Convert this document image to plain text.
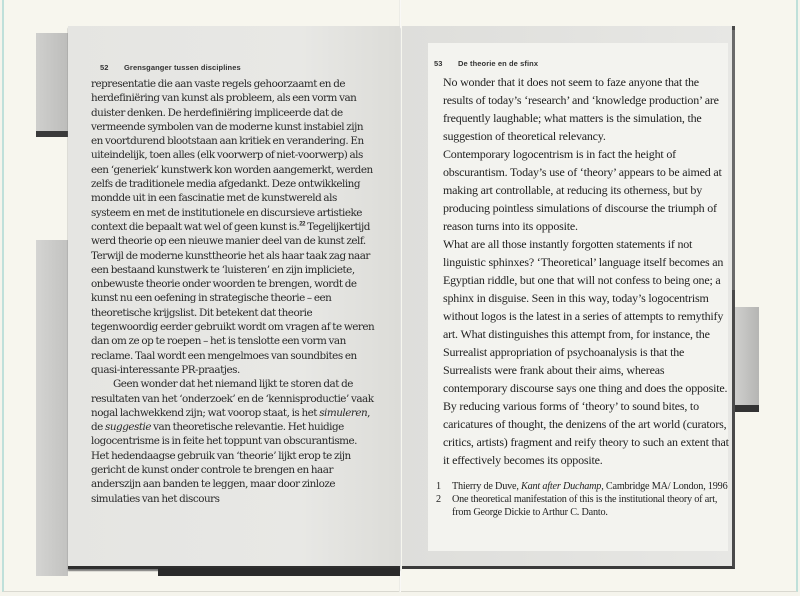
52 Grensganger tussen disciplines

representatie die aan vaste regels gehoorzaamt en de herdefiniëring van kunst als probleem, als een vorm van duister denken. De herdefiniëring impliceerde dat de vermeende symbolen van de moderne kunst instabiel zijn en voortdurend blootstaan aan kritiek en verandering. En uiteindelijk, toen alles (elk voorwerp of niet-voorwerp) als een ‘generiek’ kunstwerk kon worden aangemerkt, werden zelfs de traditionele media afgedankt. Deze ontwikkeling mondde uit in een fascinatie met de kunstwereld als systeem en met de institutionele en discursieve artistieke context die bepaalt wat wel of geen kunst is.$^{22}$ Tegelijkertijd werd theorie op een nieuwe manier deel van de kunst zelf. Terwijl de moderne kunsttheorie het als haar taak zag naar een bestaand kunstwerk te ‘luisteren’ en zijn impliciete, onbewuste theorie onder woorden te brengen, wordt de kunst nu een oefening in strategische theorie – een theoretische krijgslist. Dit betekent dat theorie tegenwoordig eerder gebruikt wordt om vragen af te weren dan om ze op te roepen – het is tenslotte een vorm van reclame. Taal wordt een mengelmoes van soundbites en quasi-interessante PR-praatjes.

Geen wonder dat het niemand lijkt te storen dat de resultaten van het ‘onderzoek’ en de ‘kennisproductie’ vaak nogal lachwekkend zijn; wat voorop staat, is het simuleren, de suggestie van theoretische relevantie. Het huidige logocentrisme is in feite het toppunt van obscurantisme. Het hedendaagse gebruik van ‘theorie’ lijkt erop te zijn gericht de kunst onder controle te brengen en haar anderszijn aan banden te leggen, maar door zinloze simulaties van het discours

53 De theorie en de sfinx

No wonder that it does not seem to faze anyone that the results of today’s ‘research’ and ‘knowledge production’ are frequently laughable; what matters is the simulation, the suggestion of theoretical relevancy.

Contemporary logocentrism is in fact the height of obscurantism. Today’s use of ‘theory’ appears to be aimed at making art controllable, at reducing its otherness, but by producing pointless simulations of discourse the triumph of reason turns into its opposite.

What are all those instantly forgotten statements if not linguistic sphinxes? ‘Theoretical’ language itself becomes an Egyptian riddle, but one that will not confess to being one; a sphinx in disguise. Seen in this way, today’s logocentrism without logos is the latest in a series of attempts to remythify art. What distinguishes this attempt from, for instance, the Surrealist appropriation of psychoanalysis is that the Surrealists were frank about their aims, whereas contemporary discourse says one thing and does the opposite.

By reducing various forms of ‘theory’ to sound bites, to caricatures of thought, the denizens of the art world (curators, critics, artists) fragment and reify theory to such an extent that it effectively becomes its opposite.

1	Thierry de Duve, Kant after Duchamp, Cambridge MA/ London, 1996
2	One theoretical manifestation of this is the institutional theory of art, from George Dickie to Arthur C. Danto.
